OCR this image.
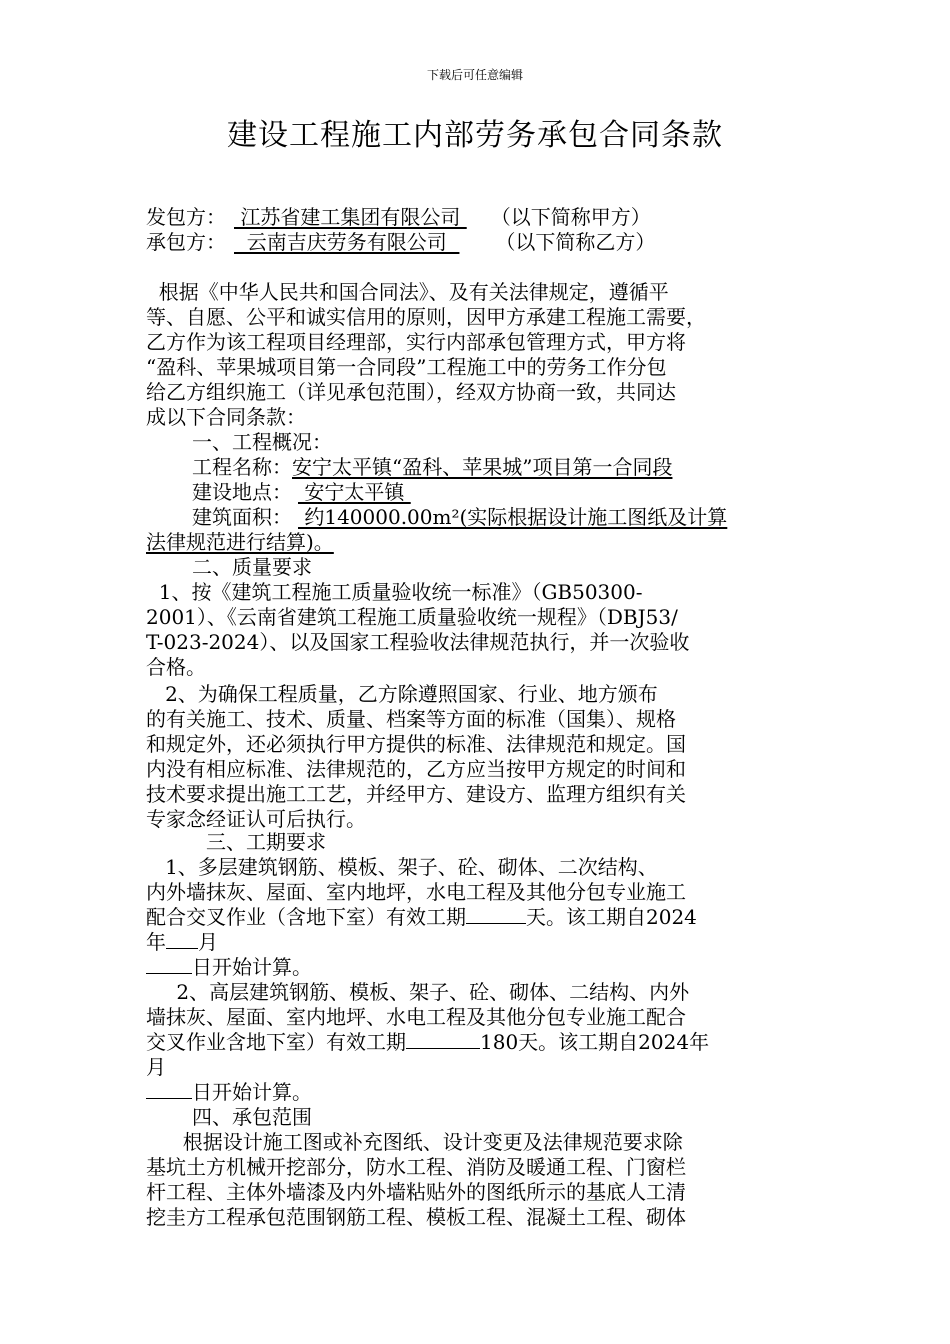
下载后可任意编辑
建设工程施工内部劳务承包合同条款
发包方： 江苏省建工集团有限公司 （以下简称甲方）
承包方：  云南吉庆劳务有限公司  （以下简称乙方）
根据《中华人民共和国合同法》、及有关法律规定，遵循平
等、自愿、公平和诚实信用的原则，因甲方承建工程施工需要，
乙方作为该工程项目经理部，实行内部承包管理方式，甲方将
“盈科、苹果城项目第一合同段”工程施工中的劳务工作分包
给乙方组织施工（详见承包范围），经双方协商一致，共同达
成以下合同条款：
一、工程概况：
工程名称：安宁太平镇“盈科、苹果城”项目第一合同段
建设地点： 安宁太平镇
建筑面积： 约140000.00m²(实际根据设计施工图纸及计算
法律规范进行结算)。
二、质量要求
1、按《建筑工程施工质量验收统一标准》（GB50300-
2001）、《云南省建筑工程施工质量验收统一规程》（DBJ53/
T-023-2024）、以及国家工程验收法律规范执行，并一次验收
合格。
2、为确保工程质量，乙方除遵照国家、行业、地方颁布
的有关施工、技术、质量、档案等方面的标准（国集）、规格
和规定外，还必须执行甲方提供的标准、法律规范和规定。国
内没有相应标准、法律规范的，乙方应当按甲方规定的时间和
技术要求提出施工工艺，并经甲方、建设方、监理方组织有关
专家念经证认可后执行。
三、工期要求
1、多层建筑钢筋、模板、架子、砼、砌体、二次结构、
内外墙抹灰、屋面、室内地坪，水电工程及其他分包专业施工
配合交叉作业（含地下室）有效工期	天。该工期自2024
年 月
日开始计算。
2、高层建筑钢筋、模板、架子、砼、砌体、二结构、内外
墙抹灰、屋面、室内地坪、水电工程及其他分包专业施工配合
交叉作业含地下室）有效工期	180天。该工期自2024年
月
日开始计算。
四、承包范围
根据设计施工图或补充图纸、设计变更及法律规范要求除
基坑土方机械开挖部分，防水工程、消防及暖通工程、门窗栏
杆工程、主体外墙漆及内外墙粘贴外的图纸所示的基底人工清
挖圭方工程承包范围钢筋工程、模板工程、混凝土工程、砌体
